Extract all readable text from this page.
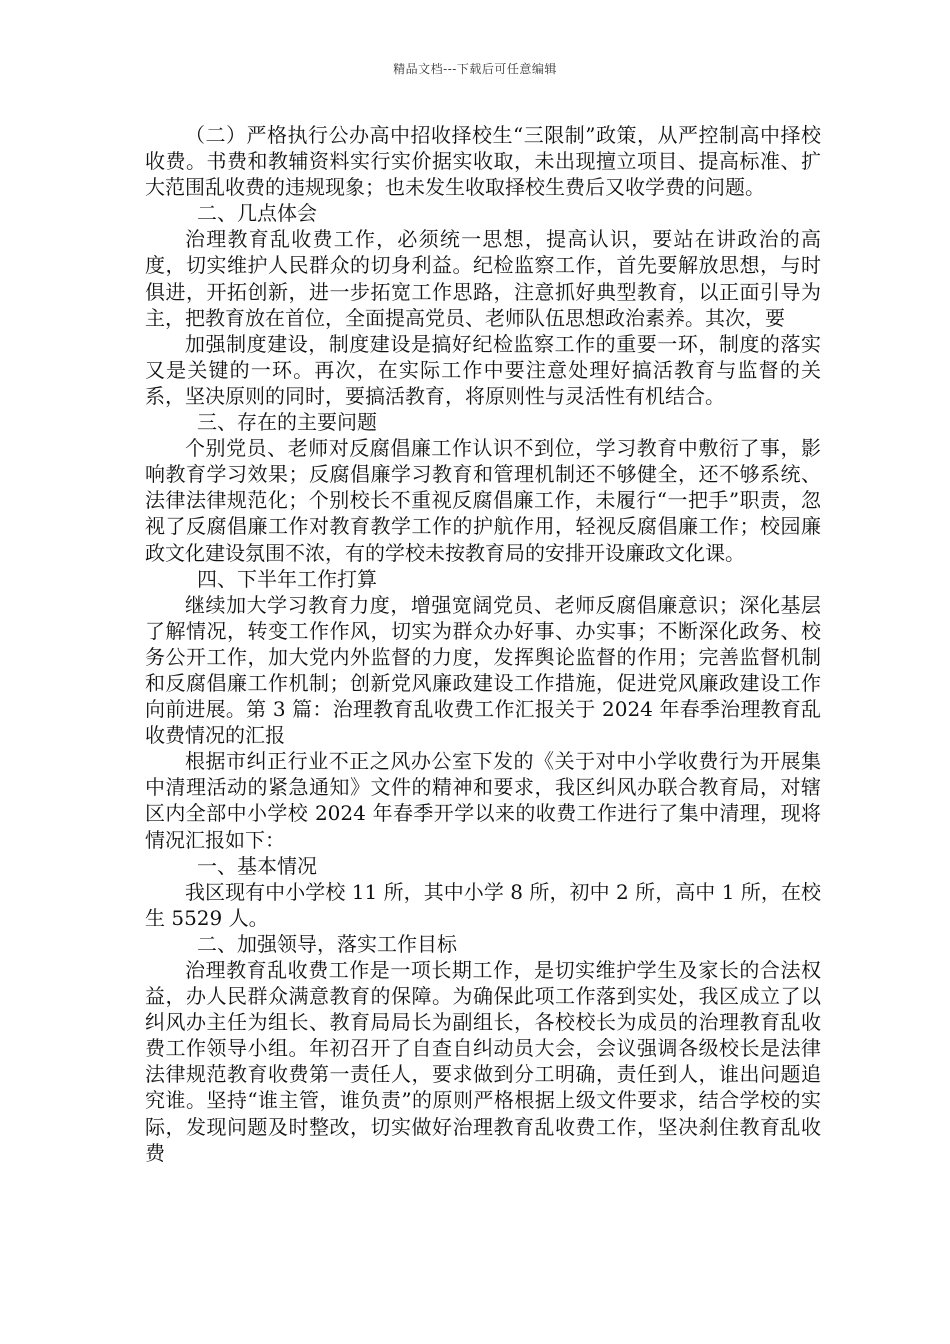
精品文档---下载后可任意编辑

（二）严格执行公办高中招收择校生“三限制”政策，从严控制高中择校收费。书费和教辅资料实行实价据实收取，未出现擅立项目、提高标准、扩大范围乱收费的违规现象；也未发生收取择校生费后又收学费的问题。

二、几点体会

治理教育乱收费工作，必须统一思想，提高认识，要站在讲政治的高度，切实维护人民群众的切身利益。纪检监察工作，首先要解放思想，与时俱进，开拓创新，进一步拓宽工作思路，注意抓好典型教育，以正面引导为主，把教育放在首位，全面提高党员、老师队伍思想政治素养。其次，要

加强制度建设，制度建设是搞好纪检监察工作的重要一环，制度的落实又是关键的一环。再次，在实际工作中要注意处理好搞活教育与监督的关系，坚决原则的同时，要搞活教育，将原则性与灵活性有机结合。

三、存在的主要问题

个别党员、老师对反腐倡廉工作认识不到位，学习教育中敷衍了事，影响教育学习效果；反腐倡廉学习教育和管理机制还不够健全，还不够系统、法律法律规范化；个别校长不重视反腐倡廉工作，未履行“一把手”职责，忽视了反腐倡廉工作对教育教学工作的护航作用，轻视反腐倡廉工作；校园廉政文化建设氛围不浓，有的学校未按教育局的安排开设廉政文化课。

四、下半年工作打算

继续加大学习教育力度，增强宽阔党员、老师反腐倡廉意识；深化基层了解情况，转变工作作风，切实为群众办好事、办实事；不断深化政务、校务公开工作，加大党内外监督的力度，发挥舆论监督的作用；完善监督机制和反腐倡廉工作机制；创新党风廉政建设工作措施，促进党风廉政建设工作向前进展。第 3 篇：治理教育乱收费工作汇报关于 2024 年春季治理教育乱收费情况的汇报

根据市纠正行业不正之风办公室下发的《关于对中小学收费行为开展集中清理活动的紧急通知》文件的精神和要求，我区纠风办联合教育局，对辖区内全部中小学校 2024 年春季开学以来的收费工作进行了集中清理，现将情况汇报如下：

一、基本情况

我区现有中小学校 11 所，其中小学 8 所，初中 2 所，高中 1 所，在校生 5529 人。

二、加强领导，落实工作目标

治理教育乱收费工作是一项长期工作，是切实维护学生及家长的合法权益，办人民群众满意教育的保障。为确保此项工作落到实处，我区成立了以纠风办主任为组长、教育局局长为副组长，各校校长为成员的治理教育乱收费工作领导小组。年初召开了自查自纠动员大会，会议强调各级校长是法律法律规范教育收费第一责任人，要求做到分工明确，责任到人，谁出问题追究谁。坚持“谁主管，谁负责”的原则严格根据上级文件要求，结合学校的实际，发现问题及时整改，切实做好治理教育乱收费工作，坚决刹住教育乱收费
